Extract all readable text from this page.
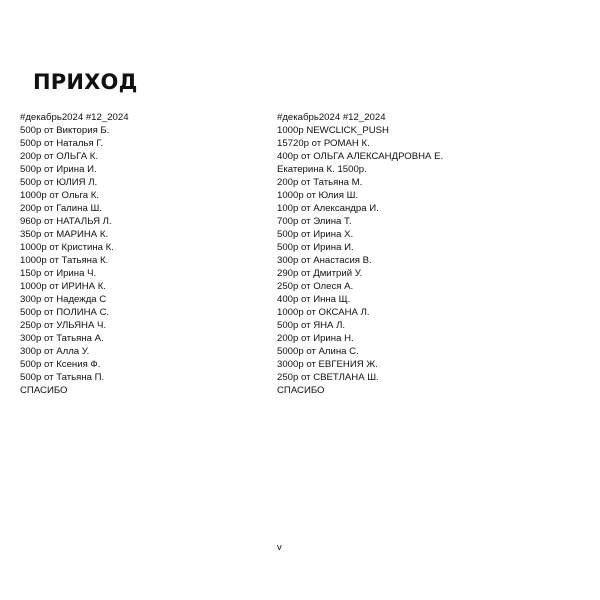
ПРИХОД
#декабрь2024 #12_2024
500р от Виктория Б.
500р от Наталья Г.
200р от ОЛЬГА К.
500р от Ирина И.
500р от ЮЛИЯ Л.
1000р от Ольга К.
200р от Галина Ш.
960р от НАТАЛЬЯ Л.
350р от МАРИНА К.
1000р от Кристина К.
1000р от Татьяна К.
150р от Ирина Ч.
1000р от ИРИНА К.
300р от Надежда С
500р от ПОЛИНА С.
250р от УЛЬЯНА Ч.
300р от Татьяна А.
300р от Алла У.
500р от Ксения Ф.
500р от Татьяна П.
СПАСИБО
#декабрь2024 #12_2024
1000р NEWCLICK_PUSH
15720р от РОМАН К.
400р от ОЛЬГА АЛЕКСАНДРОВНА Е.
Екатерина К. 1500р.
200р от Татьяна М.
1000р от Юлия Ш.
100р от Александра И.
700р от Элина Т.
500р от Ирина Х.
500р от Ирина И.
300р от Анастасия В.
290р от Дмитрий У.
250р от Олеся А.
400р от Инна Щ.
1000р от ОКСАНА Л.
500р от ЯНА Л.
200р от Ирина Н.
5000р от Алина С.
3000р от ЕВГЕНИЯ Ж.
250р от СВЕТЛАНА Ш.
СПАСИБО
v
